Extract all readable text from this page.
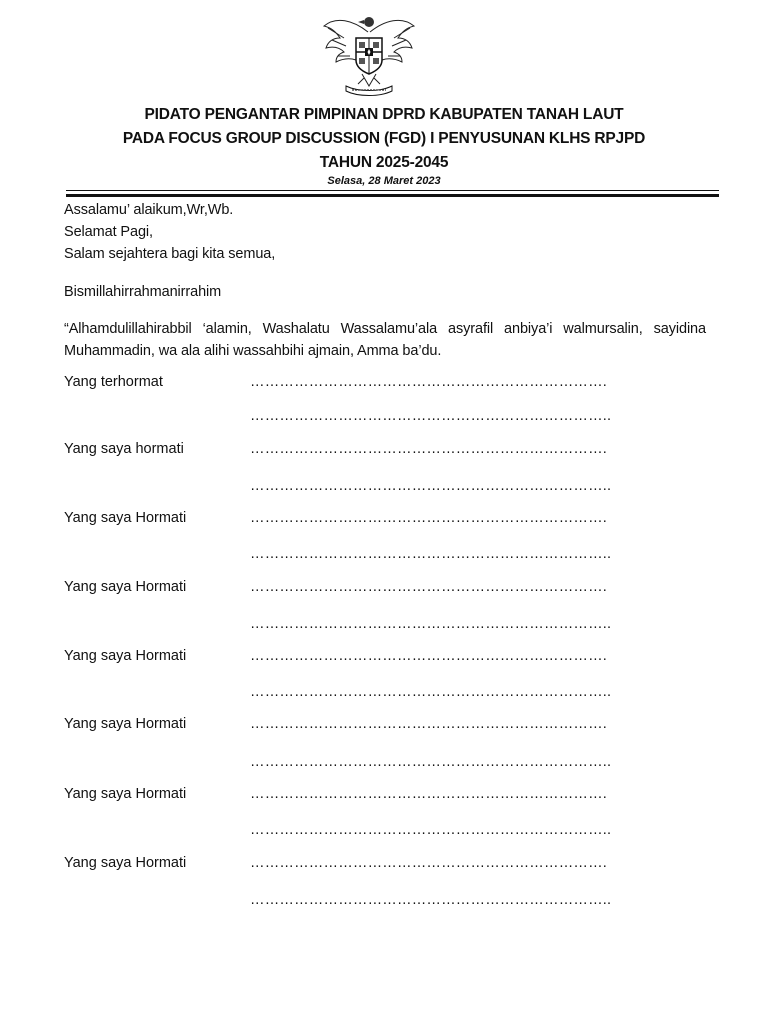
PIDATO PENGANTAR PIMPINAN DPRD KABUPATEN TANAH LAUT
PADA FOCUS GROUP DISCUSSION (FGD) I PENYUSUNAN KLHS RPJPD
TAHUN 2025-2045
Selasa, 28 Maret 2023
Assalamu’ alaikum,Wr,Wb.
Selamat Pagi,
Salam sejahtera bagi kita semua,
Bismillahirrahmanirrahim
“Alhamdulillahirabbil ‘alamin, Washalatu Wassalamu’ala asyrafil anbiya’i walmursalin, sayidina Muhammadin, wa ala alihi wassahbihi ajmain, Amma ba’du.
Yang terhormat	……………………………………………………………….
………………………………………………………………..
Yang saya hormati	……………………………………………………………….
………………………………………………………………..
Yang saya Hormati	……………………………………………………………….
………………………………………………………………..
Yang saya Hormati	……………………………………………………………….
………………………………………………………………..
Yang saya Hormati	……………………………………………………………….
………………………………………………………………..
Yang saya Hormati	……………………………………………………………….
………………………………………………………………..
Yang saya Hormati	……………………………………………………………….
………………………………………………………………..
Yang saya Hormati	……………………………………………………………….
………………………………………………………………..
